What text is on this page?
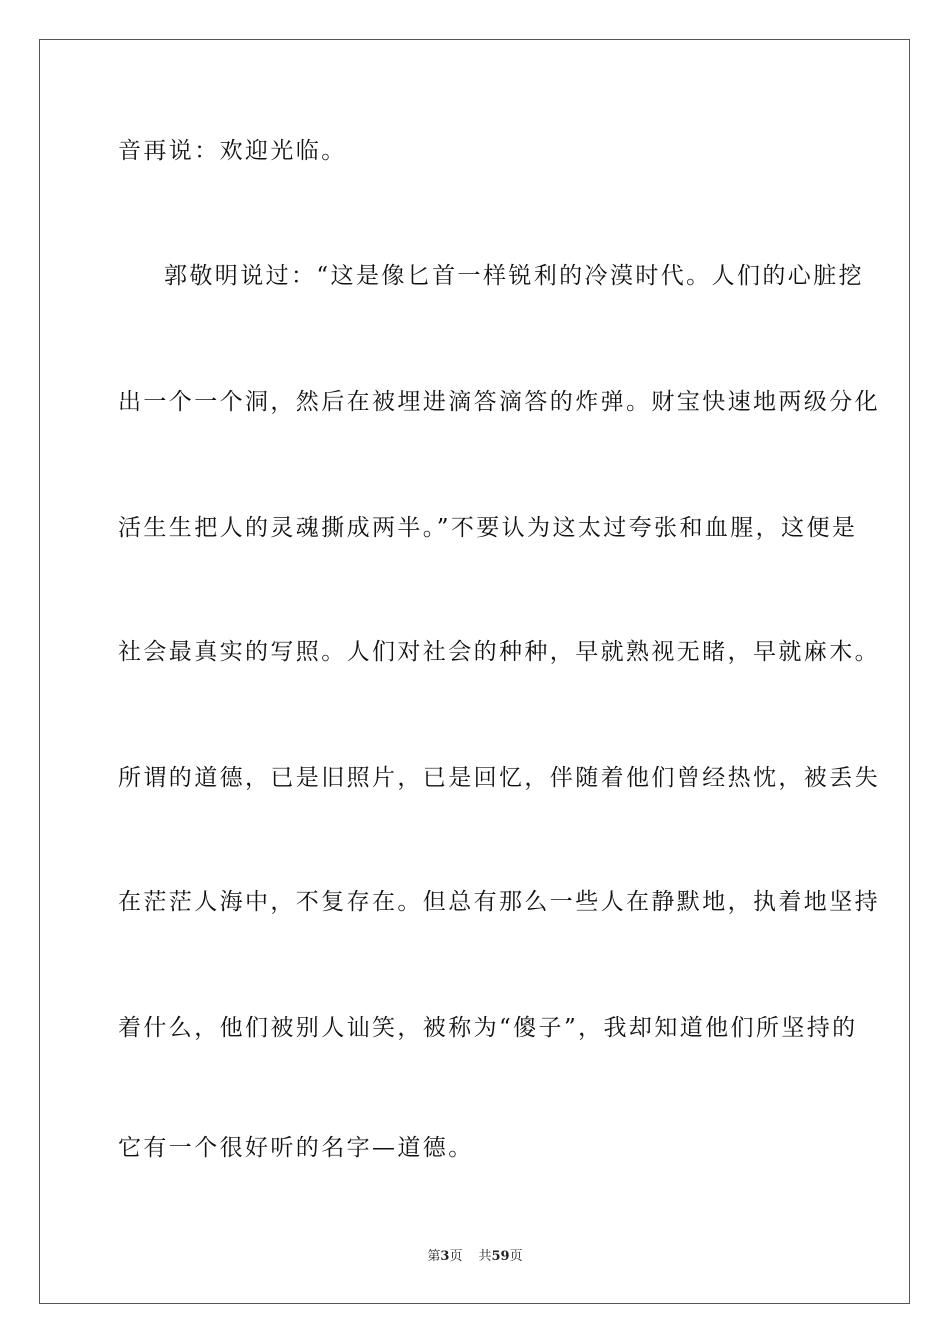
音再说：欢迎光临。
郭敬明说过：“这是像匕首一样锐利的冷漠时代。人们的心脏挖
出一个一个洞，然后在被埋进滴答滴答的炸弹。财宝快速地两级分化
活生生把人的灵魂撕成两半。”不要认为这太过夸张和血腥，这便是
社会最真实的写照。人们对社会的种种，早就熟视无睹，早就麻木。
所谓的道德，已是旧照片，已是回忆，伴随着他们曾经热忱，被丢失
在茫茫人海中，不复存在。但总有那么一些人在静默地，执着地坚持
着什么，他们被别人讪笑，被称为“傻子”，我却知道他们所坚持的
它有一个很好听的名字—道德。
第3页 共59页
